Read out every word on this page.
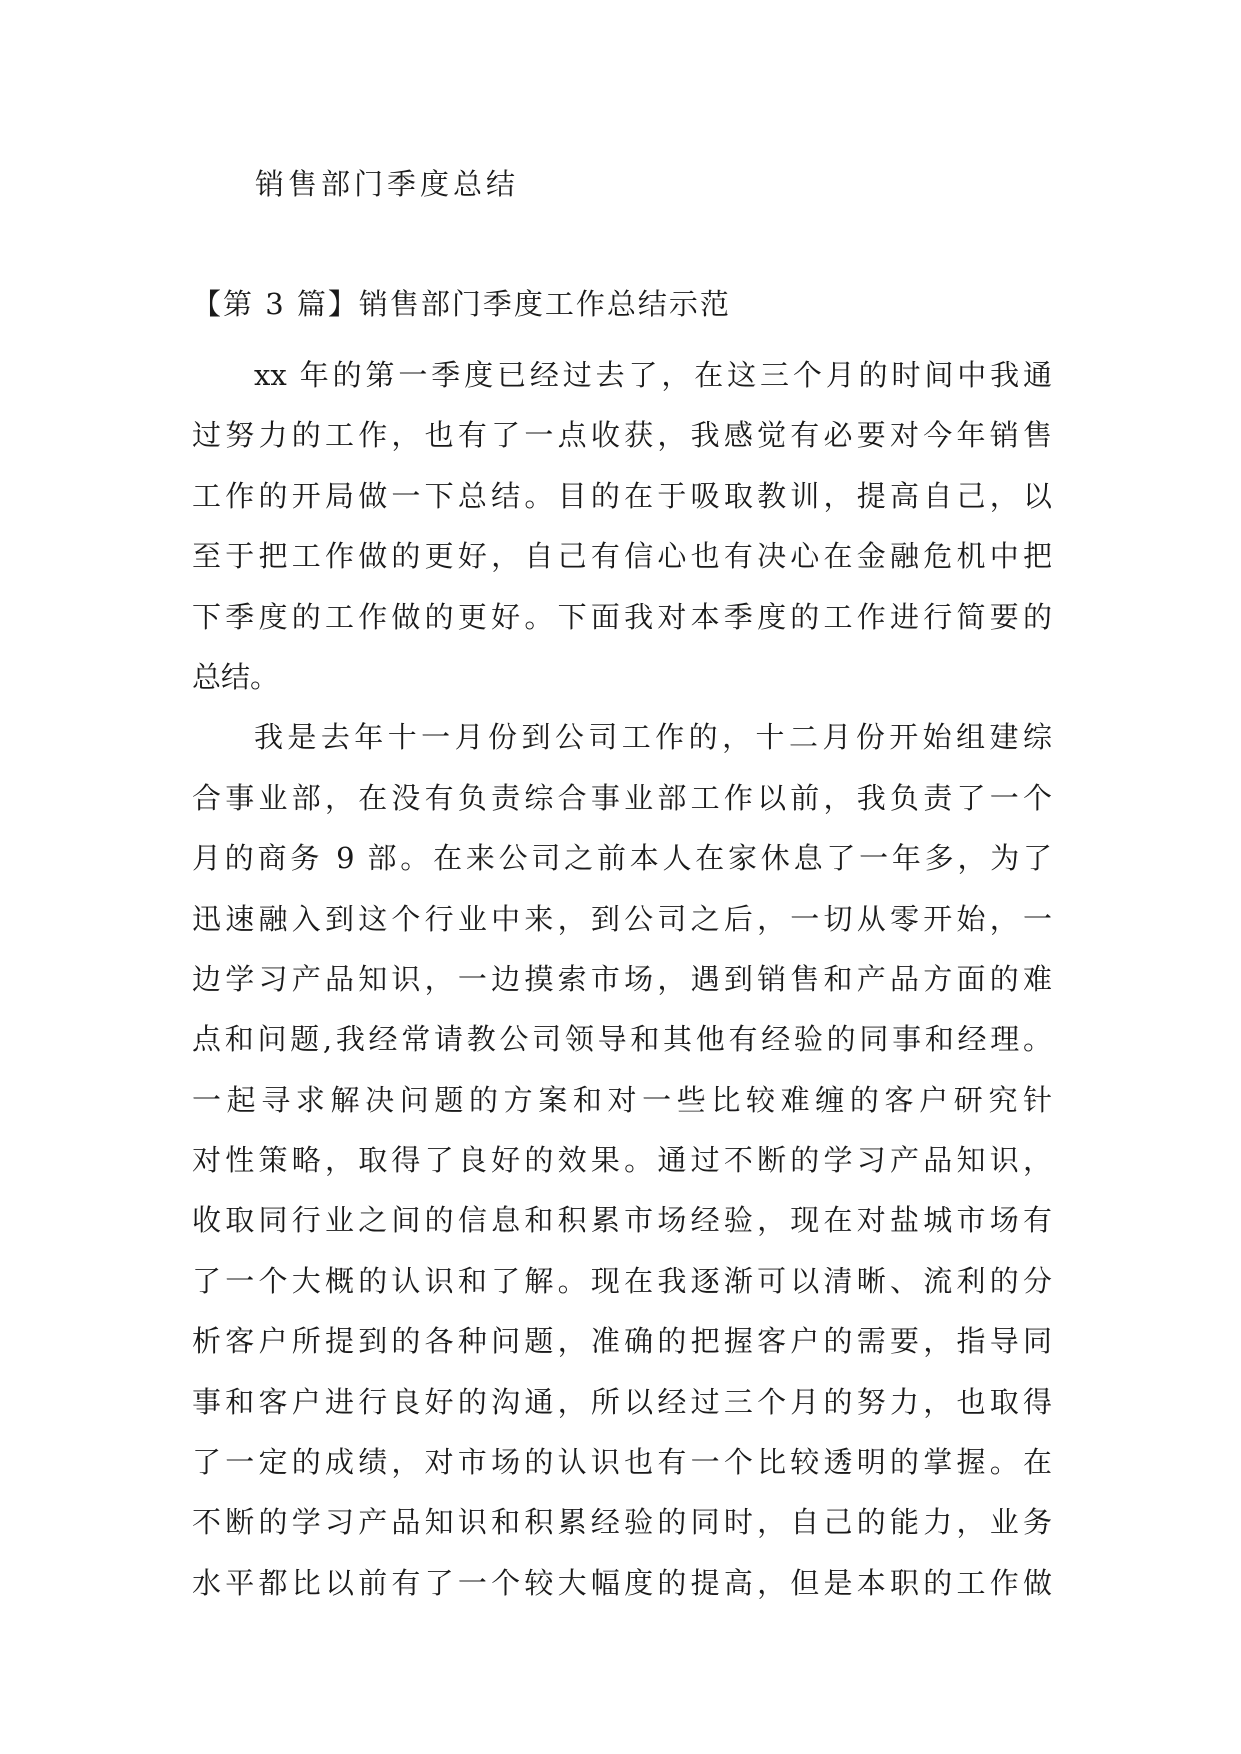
销售部门季度总结
【第 3 篇】销售部门季度工作总结示范
xx 年的第一季度已经过去了，在这三个月的时间中我通
过努力的工作，也有了一点收获，我感觉有必要对今年销售
工作的开局做一下总结。目的在于吸取教训，提高自己，以
至于把工作做的更好，自己有信心也有决心在金融危机中把
下季度的工作做的更好。下面我对本季度的工作进行简要的
总结。
我是去年十一月份到公司工作的，十二月份开始组建综
合事业部，在没有负责综合事业部工作以前，我负责了一个
月的商务 9 部。在来公司之前本人在家休息了一年多，为了
迅速融入到这个行业中来，到公司之后，一切从零开始，一
边学习产品知识，一边摸索市场，遇到销售和产品方面的难
点和问题,我经常请教公司领导和其他有经验的同事和经理。
一起寻求解决问题的方案和对一些比较难缠的客户研究针
对性策略，取得了良好的效果。通过不断的学习产品知识，
收取同行业之间的信息和积累市场经验，现在对盐城市场有
了一个大概的认识和了解。现在我逐渐可以清晰、流利的分
析客户所提到的各种问题，准确的把握客户的需要，指导同
事和客户进行良好的沟通，所以经过三个月的努力，也取得
了一定的成绩，对市场的认识也有一个比较透明的掌握。在
不断的学习产品知识和积累经验的同时，自己的能力，业务
水平都比以前有了一个较大幅度的提高，但是本职的工作做
